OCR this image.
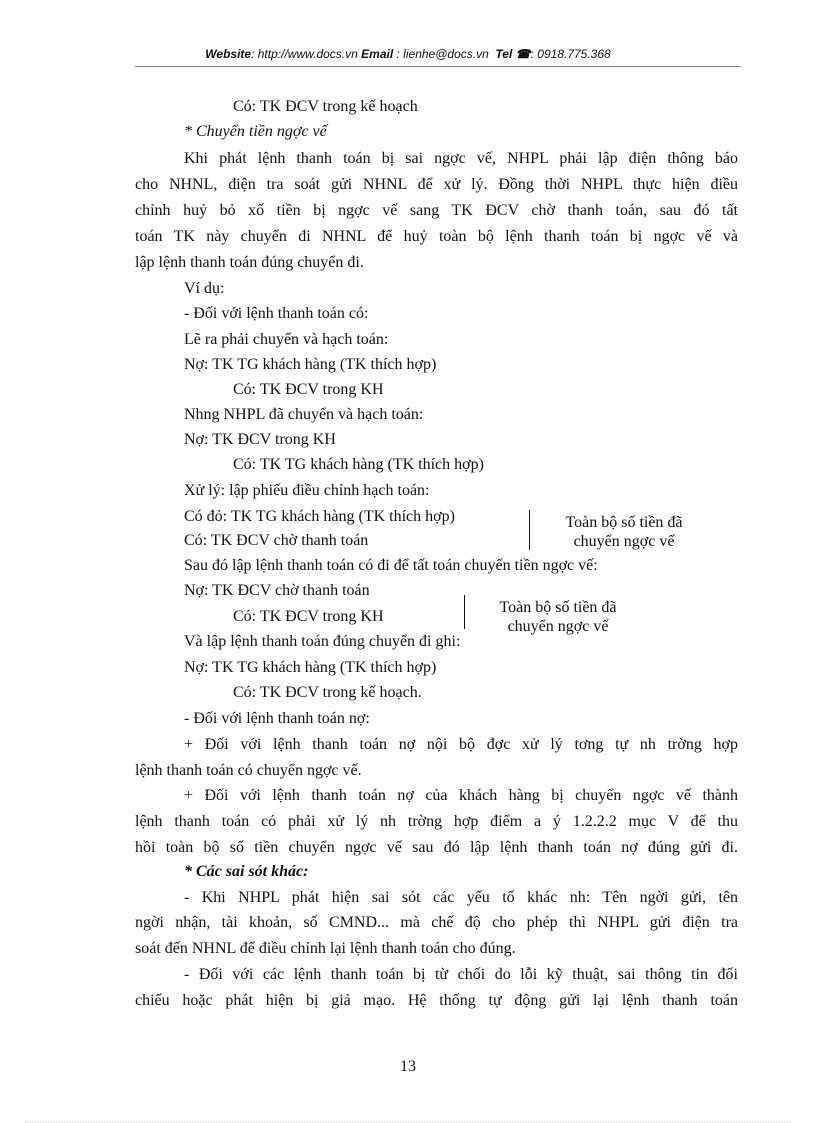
Website: http://www.docs.vn Email : lienhe@docs.vn Tel ☎: 0918.775.368
Có: TK ĐCV trong kế hoạch
* Chuyển tiền ngợc vế
Khi phát lệnh thanh toán bị sai ngợc vế, NHPL phải lập điện thông báo
cho NHNL, điện tra soát gửi NHNL để xử lý. Đồng thời NHPL thực hiện điều
chỉnh huỷ bỏ xố tiền bị ngợc vế sang TK ĐCV chờ thanh toán, sau đó tất
toán TK này chuyển đi NHNL để huỷ toàn bộ lệnh thanh toán bị ngợc vế và
lập lệnh thanh toán đúng chuyển đi.
Ví dụ:
- Đối với lệnh thanh toán có:
Lẽ ra phải chuyển và hạch toán:
Nợ: TK TG khách hàng (TK thích hợp)
Có: TK ĐCV trong KH
Nhng NHPL đã chuyển và hạch toán:
Nợ: TK ĐCV trong KH
Có: TK TG khách hàng (TK thích hợp)
Xử lý: lập phiếu điều chỉnh hạch toán:
Có đỏ: TK TG khách hàng (TK thích hợp)
Có: TK ĐCV chờ thanh toán
Toàn bộ số tiền đã
chuyển ngợc vế
Sau đó lập lệnh thanh toán có đi để tất toán chuyển tiền ngợc vế:
Nợ: TK ĐCV chờ thanh toán
Có: TK ĐCV trong KH
Toàn bộ số tiền đã
chuyển ngợc vế
Và lập lệnh thanh toán đúng chuyển đi ghi:
Nợ: TK TG khách hàng (TK thích hợp)
Có: TK ĐCV trong kế hoạch.
- Đối với lệnh thanh toán nợ:
+ Đối với lệnh thanh toán nợ nội bộ đợc xử lý tơng tự nh trờng hợp
lệnh thanh toán có chuyển ngợc vế.
+ Đối với lệnh thanh toán nợ của khách hàng bị chuyển ngợc vế thành
lệnh thanh toán có phải xử lý nh trờng hợp điểm a ý 1.2.2.2 mục V để thu
hồi toàn bộ số tiền chuyển ngợc vế sau đó lập lệnh thanh toán nợ đúng gửi đi.
* Các sai sót khác:
- Khi NHPL phát hiện sai sót các yếu tố khác nh: Tên ngời gửi, tên
ngời nhận, tài khoản, số CMND... mà chế độ cho phép thì NHPL gửi điện tra
soát đến NHNL để điều chỉnh lại lệnh thanh toán cho đúng.
- Đối với các lệnh thanh toán bị từ chối do lỗi kỹ thuật, sai thông tin đối
chiếu hoặc phát hiện bị giả mạo. Hệ thống tự động gửi lại lệnh thanh toán
13
